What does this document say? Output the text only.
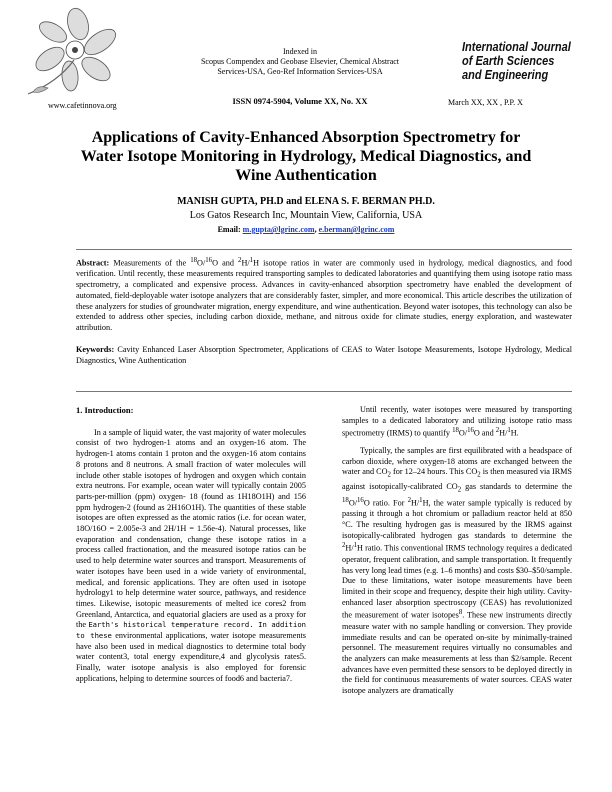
www.cafetinnova.org
Indexed in
Scopus Compendex and Geobase Elsevier, Chemical Abstract
Services-USA, Geo-Ref Information Services-USA
ISSN 0974-5904, Volume XX, No. XX
International Journal
of Earth Sciences
and Engineering
March XX, XX , P.P. X
Applications of Cavity-Enhanced Absorption Spectrometry for
Water Isotope Monitoring in Hydrology, Medical Diagnostics, and
Wine Authentication
MANISH GUPTA, PH.D and ELENA S. F. BERMAN PH.D.
Los Gatos Research Inc, Mountain View, California, USA
Email: m.gupta@lgrinc.com, e.berman@lgrinc.com
Abstract: Measurements of the $^{18}$O/$^{16}$O and $^2$H/$^1$H isotope ratios in water are commonly used in hydrology, medical diagnostics, and food verification. Until recently, these measurements required transporting samples to dedicated laboratories and quantifying them using isotope ratio mass spectrometry, a complicated and expensive process. Advances in cavity-enhanced absorption spectrometry have enabled the development of automated, field-deployable water isotope analyzers that are considerably faster, simpler, and more economical. This article describes the utilization of these analyzers for studies of groundwater migration, energy expenditure, and wine authentication. Beyond water isotopes, this technology can also be extended to address other species, including carbon dioxide, methane, and nitrous oxide for climate studies, energy exploration, and wastewater attribution.
Keywords: Cavity Enhanced Laser Absorption Spectrometer, Applications of CEAS to Water Isotope Measurements, Isotope Hydrology, Medical Diagnostics, Wine Authentication
1. Introduction:

In a sample of liquid water, the vast majority of water molecules consist of two hydrogen-1 atoms and an oxygen-16 atom. The hydrogen-1 atoms contain 1 proton and the oxygen-16 atom contains 8 protons and 8 neutrons. A small fraction of water molecules will include other stable isotopes of hydrogen and oxygen which contain extra neutrons. For example, ocean water will typically contain 2005 parts-per-million (ppm) oxygen- 18 (found as 1H18O1H) and 156 ppm hydrogen-2 (found as 2H16O1H). The quantities of these stable isotopes are often expressed as the atomic ratios (i.e. for ocean water, 18O/16O = 2.005e-3 and 2H/1H = 1.56e-4). Natural processes, like evaporation and condensation, change these isotope ratios in a process called fractionation, and the measured isotope ratios can be used to help determine water sources and transport. Measurements of water isotopes have been used in a wide variety of environmental, medical, and forensic applications. They are often used in isotope hydrology1 to help determine water source, pathways, and residence times. Likewise, isotopic measurements of melted ice cores2 from Greenland, Antarctica, and equatorial glaciers are used as a proxy for the Earth's historical temperature record. In addition to these environmental applications, water isotope measurements have also been used in medical diagnostics to determine total body water content3, total energy expenditure,4 and glycolysis rates5. Finally, water isotope analysis is also employed for forensic applications, helping to determine sources of food6 and bacteria7.

Until recently, water isotopes were measured by transporting samples to a dedicated laboratory and utilizing isotope ratio mass spectrometry (IRMS) to quantify $^{18}$O/$^{16}$O and $^2$H/$^1$H.

Typically, the samples are first equilibrated with a headspace of carbon dioxide, where oxygen-18 atoms are exchanged between the water and $CO_2$ for 12–24 hours. This $CO_2$ is then measured via IRMS against isotopically-calibrated $CO_2$ gas standards to determine the $^{18}$O/$^{16}$O ratio. For $^2$H/$^1$H, the water sample typically is reduced by passing it through a hot chromium or palladium reactor held at 850 °C. The resulting hydrogen gas is measured by the IRMS against isotopically-calibrated hydrogen gas standards to determine the $^2$H/$^1$H ratio. This conventional IRMS technology requires a dedicated operator, frequent calibration, and sample transportation. It frequently has very long lead times (e.g. 1–6 months) and costs $30–$50/sample. Due to these limitations, water isotope measurements have been limited in their scope and frequency, despite their high utility. Cavity-enhanced laser absorption spectroscopy (CEAS) has revolutionized the measurement of water isotopes$^8$. These new instruments directly measure water with no sample handling or conversion. They provide immediate results and can be operated on-site by minimally-trained personnel. The measurement requires virtually no consumables and the analyzers can make measurements at less than $2/sample. Recent advances have even permitted these sensors to be deployed directly in the field for continuous measurements of water sources. CEAS water isotope analyzers are dramatically
